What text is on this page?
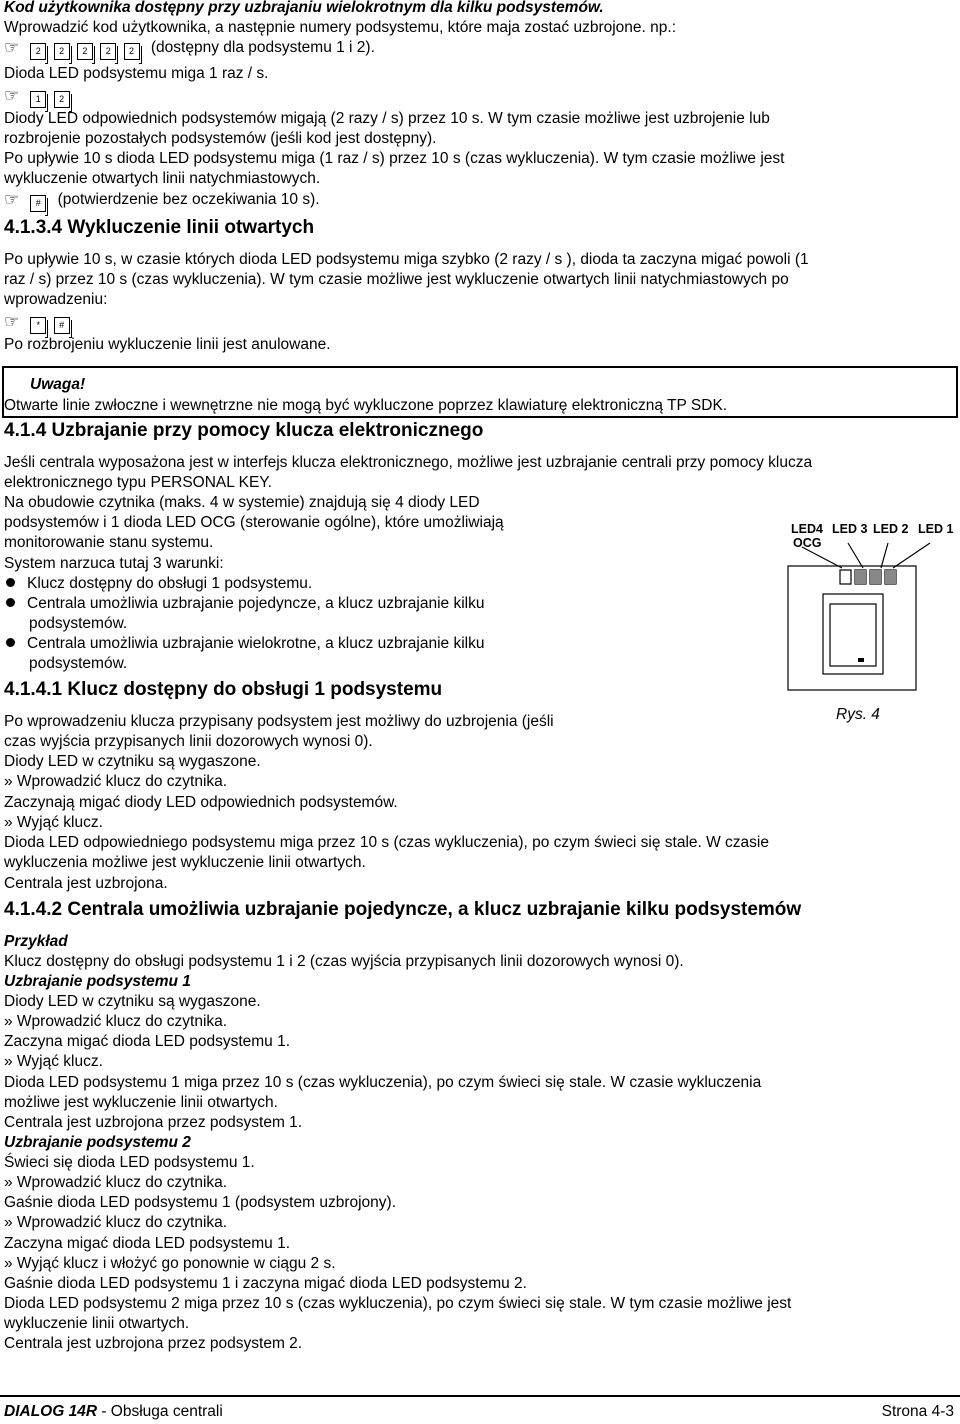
Kod użytkownika dostępny przy uzbrajaniu wielokrotnym dla kilku podsystemów.
Wprowadzić kod użytkownika, a następnie numery podsystemu, które maja zostać uzbrojone. np.:
☞ 2 2 2 2 2 (dostępny dla podsystemu 1 i 2).
Dioda LED podsystemu miga 1 raz / s.
☞ 1 2
Diody LED odpowiednich podsystemów migają (2 razy / s) przez 10 s. W tym czasie możliwe jest uzbrojenie lub
rozbrojenie pozostałych podsystemów (jeśli kod jest dostępny).
Po upływie 10 s dioda LED podsystemu miga (1 raz / s) przez 10 s (czas wykluczenia). W tym czasie możliwe jest
wykluczenie otwartych linii natychmiastowych.
☞ # (potwierdzenie bez oczekiwania 10 s).
4.1.3.4 Wykluczenie linii otwartych
Po upływie 10 s, w czasie których dioda LED podsystemu miga szybko (2 razy / s ), dioda ta zaczyna migać powoli (1
raz / s) przez 10 s (czas wykluczenia). W tym czasie możliwe jest wykluczenie otwartych linii natychmiastowych po
wprowadzeniu:
☞ * #
Po rozbrojeniu wykluczenie linii jest anulowane.
Uwaga!
Otwarte linie zwłoczne i wewnętrzne nie mogą być wykluczone poprzez klawiaturę elektroniczną TP SDK.
4.1.4 Uzbrajanie przy pomocy klucza elektronicznego
Jeśli centrala wyposażona jest w interfejs klucza elektronicznego, możliwe jest uzbrajanie centrali przy pomocy klucza
elektronicznego typu PERSONAL KEY.
Na obudowie czytnika (maks. 4 w systemie) znajdują się 4 diody LED
podsystemów i 1 dioda LED OCG (sterowanie ogólne), które umożliwiają
monitorowanie stanu systemu.
System narzuca tutaj 3 warunki:
Klucz dostępny do obsługi 1 podsystemu.
Centrala umożliwia uzbrajanie pojedyncze, a klucz uzbrajanie kilku
podsystemów.
Centrala umożliwia uzbrajanie wielokrotne, a klucz uzbrajanie kilku
podsystemów.
LED4 LED 3 LED 2 LED 1
OCG
Rys. 4
4.1.4.1 Klucz dostępny do obsługi 1 podsystemu
Po wprowadzeniu klucza przypisany podsystem jest możliwy do uzbrojenia (jeśli
czas wyjścia przypisanych linii dozorowych wynosi 0).
Diody LED w czytniku są wygaszone.
» Wprowadzić klucz do czytnika.
Zaczynają migać diody LED odpowiednich podsystemów.
» Wyjąć klucz.
Dioda LED odpowiedniego podsystemu miga przez 10 s (czas wykluczenia), po czym świeci się stale. W czasie
wykluczenia możliwe jest wykluczenie linii otwartych.
Centrala jest uzbrojona.
4.1.4.2 Centrala umożliwia uzbrajanie pojedyncze, a klucz uzbrajanie kilku podsystemów
Przykład
Klucz dostępny do obsługi podsystemu 1 i 2 (czas wyjścia przypisanych linii dozorowych wynosi 0).
Uzbrajanie podsystemu 1
Diody LED w czytniku są wygaszone.
» Wprowadzić klucz do czytnika.
Zaczyna migać dioda LED podsystemu 1.
» Wyjąć klucz.
Dioda LED podsystemu 1 miga przez 10 s (czas wykluczenia), po czym świeci się stale. W czasie wykluczenia
możliwe jest wykluczenie linii otwartych.
Centrala jest uzbrojona przez podsystem 1.
Uzbrajanie podsystemu 2
Świeci się dioda LED podsystemu 1.
» Wprowadzić klucz do czytnika.
Gaśnie dioda LED podsystemu 1 (podsystem uzbrojony).
» Wprowadzić klucz do czytnika.
Zaczyna migać dioda LED podsystemu 1.
» Wyjąć klucz i włożyć go ponownie w ciągu 2 s.
Gaśnie dioda LED podsystemu 1 i zaczyna migać dioda LED podsystemu 2.
Dioda LED podsystemu 2 miga przez 10 s (czas wykluczenia), po czym świeci się stale. W tym czasie możliwe jest
wykluczenie linii otwartych.
Centrala jest uzbrojona przez podsystem 2.
DIALOG 14R - Obsługa centrali	Strona 4-3
